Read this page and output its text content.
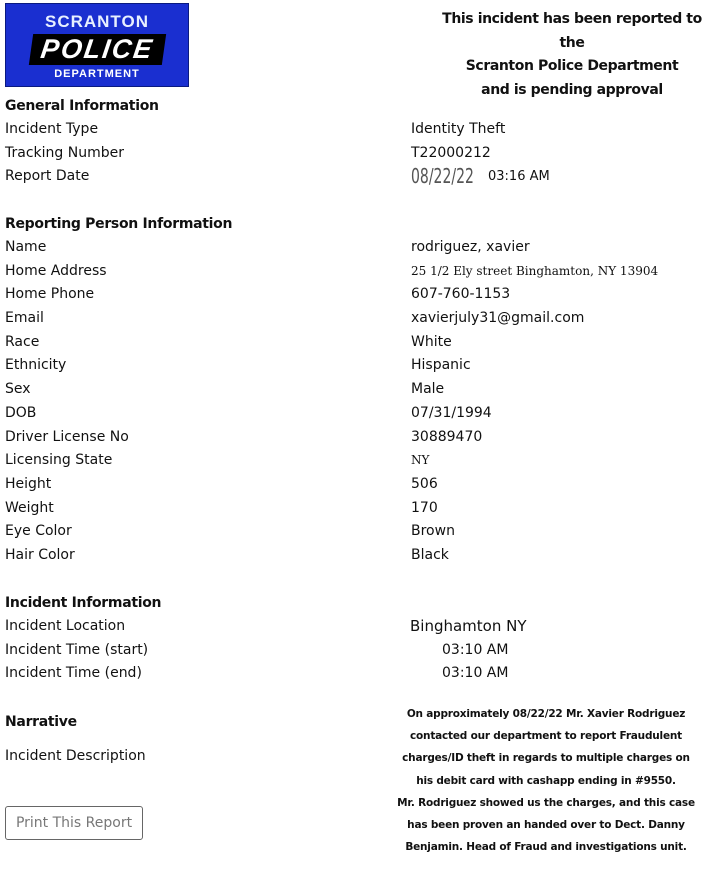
SCRANTON
POLICE
DEPARTMENT
This incident has been reported to the
Scranton Police Department
and is pending approval
General Information
Incident Type	Identity Theft
Tracking Number	T22000212
Report Date	08/22/22 03:16 AM
Reporting Person Information
Name	rodriguez, xavier
Home Address	25 1/2 Ely street Binghamton, NY 13904
Home Phone	607-760-1153
Email	xavierjuly31@gmail.com
Race	White
Ethnicity	Hispanic
Sex	Male
DOB	07/31/1994
Driver License No	30889470
Licensing State	NY
Height	506
Weight	170
Eye Color	Brown
Hair Color	Black
Incident Information
Incident Location	Binghamton NY
Incident Time (start)	03:10 AM
Incident Time (end)	03:10 AM
Narrative
Incident Description
On approximately 08/22/22 Mr. Xavier Rodriguez
contacted our department to report Fraudulent
charges/ID theft in regards to multiple charges on
his debit card with cashapp ending in #9550.
Mr. Rodriguez showed us the charges, and this case
has been proven an handed over to Dect. Danny
Benjamin. Head of Fraud and investigations unit.
Print This Report
